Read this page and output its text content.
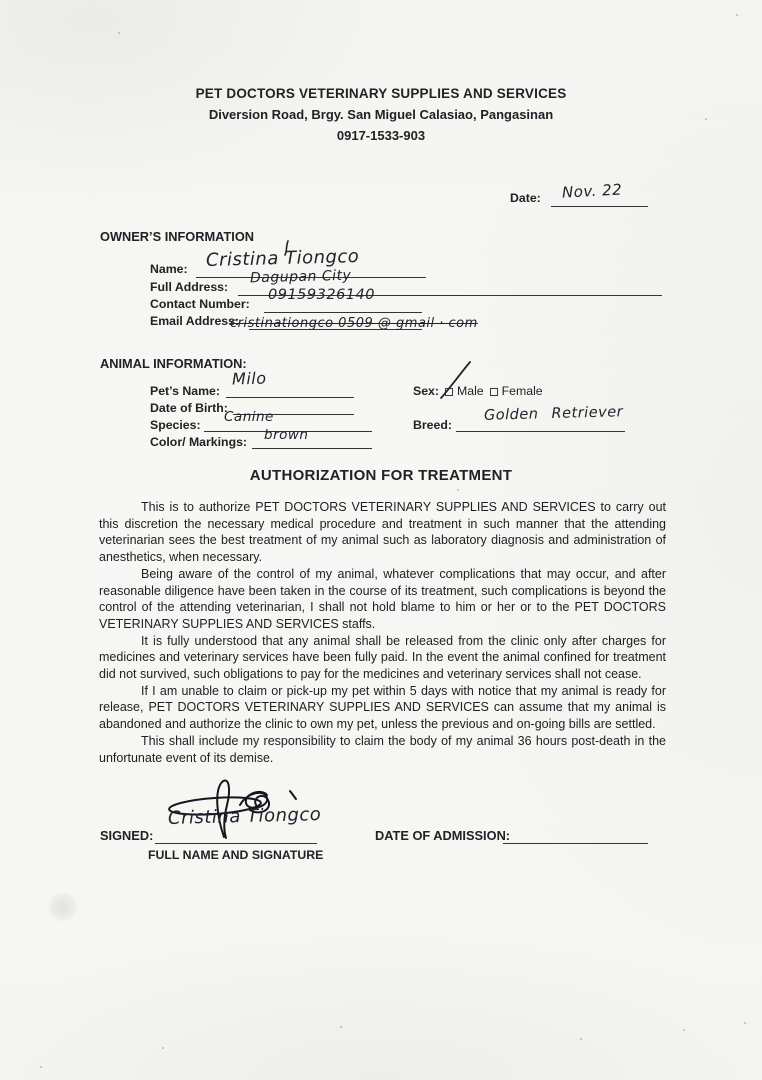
PET DOCTORS VETERINARY SUPPLIES AND SERVICES
Diversion Road, Brgy. San Miguel Calasiao, Pangasinan
0917-1533-903
Date: Nov. 22
OWNER’S INFORMATION
Name: Cristina Tiongco
Full Address:
Dagupan City
Contact Number:
09159326140
Email Address:
cristinationgco 0509 @ gmail · com
ANIMAL INFORMATION:
Pet’s Name:
Milo
Sex: Male Female
Date of Birth:
Species: Canine	Breed:
Golden Retriever
Color/ Markings: brown
AUTHORIZATION FOR TREATMENT

This is to authorize PET DOCTORS VETERINARY SUPPLIES AND SERVICES to carry out this discretion the necessary medical procedure and treatment in such manner that the attending veterinarian sees the best treatment of my animal such as laboratory diagnosis and administration of anesthetics, when necessary.

Being aware of the control of my animal, whatever complications that may occur, and after reasonable diligence have been taken in the course of its treatment, such complications is beyond the control of the attending veterinarian, I shall not hold blame to him or her or to the PET DOCTORS VETERINARY SUPPLIES AND SERVICES staffs.

It is fully understood that any animal shall be released from the clinic only after charges for medicines and veterinary services have been fully paid. In the event the animal confined for treatment did not survived, such obligations to pay for the medicines and veterinary services shall not cease.

If I am unable to claim or pick-up my pet within 5 days with notice that my animal is ready for release, PET DOCTORS VETERINARY SUPPLIES AND SERVICES can assume that my animal is abandoned and authorize the clinic to own my pet, unless the previous and on-going bills are settled.

This shall include my responsibility to claim the body of my animal 36 hours post-death in the unfortunate event of its demise.

Cristina Tiongco
SIGNED:
FULL NAME AND SIGNATURE
DATE OF ADMISSION:
